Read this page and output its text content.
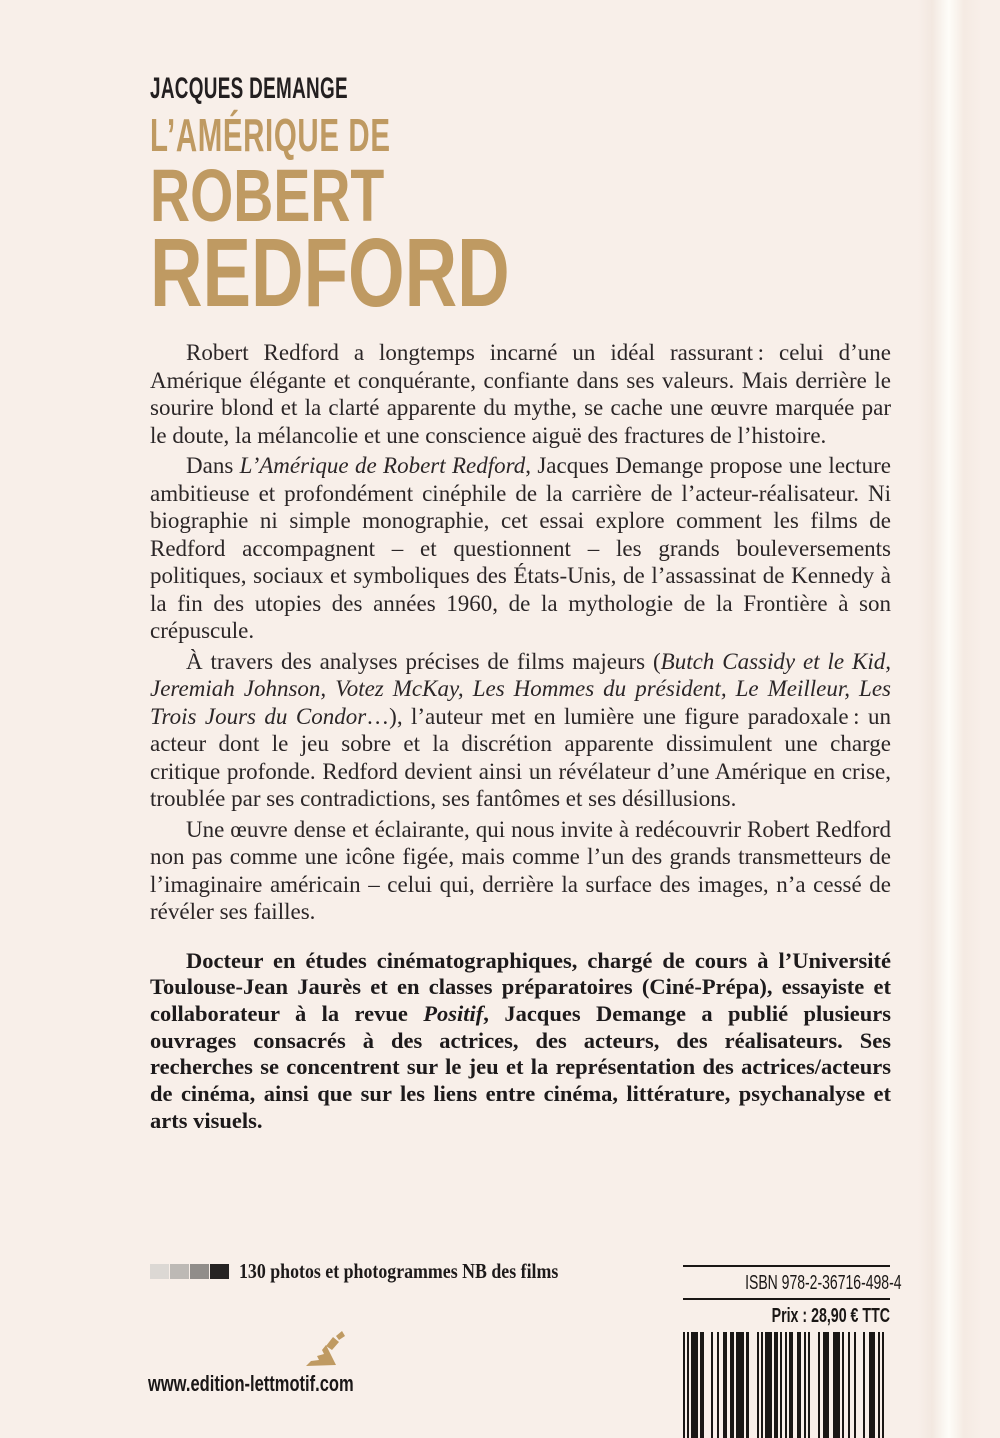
JACQUES DEMANGE
L’AMÉRIQUE DE
ROBERT
REDFORD

Robert Redford a longtemps incarné un idéal rassurant : celui d’une Amérique élégante et conquérante, confiante dans ses valeurs. Mais derrière le sourire blond et la clarté apparente du mythe, se cache une œuvre marquée par le doute, la mélancolie et une conscience aiguë des fractures de l’histoire.

Dans L’Amérique de Robert Redford, Jacques Demange propose une lecture ambitieuse et profondément cinéphile de la carrière de l’acteur-réalisateur. Ni biographie ni simple monographie, cet essai explore comment les films de Redford accompagnent – et questionnent – les grands bouleversements politiques, sociaux et symboliques des États-Unis, de l’assassinat de Kennedy à la fin des utopies des années 1960, de la mythologie de la Frontière à son crépuscule.

À travers des analyses précises de films majeurs (Butch Cassidy et le Kid, Jeremiah Johnson, Votez McKay, Les Hommes du président, Le Meilleur, Les Trois Jours du Condor…), l’auteur met en lumière une figure paradoxale : un acteur dont le jeu sobre et la discrétion apparente dissimulent une charge critique profonde. Redford devient ainsi un révélateur d’une Amérique en crise, troublée par ses contradictions, ses fantômes et ses désillusions.

Une œuvre dense et éclairante, qui nous invite à redécouvrir Robert Redford non pas comme une icône figée, mais comme l’un des grands transmetteurs de l’imaginaire américain – celui qui, derrière la surface des images, n’a cessé de révéler ses failles.

Docteur en études cinématographiques, chargé de cours à l’Université Toulouse-Jean Jaurès et en classes préparatoires (Ciné-Prépa), essayiste et collaborateur à la revue Positif, Jacques Demange a publié plusieurs ouvrages consacrés à des actrices, des acteurs, des réalisateurs. Ses recherches se concentrent sur le jeu et la représentation des actrices/acteurs de cinéma, ainsi que sur les liens entre cinéma, littérature, psychanalyse et arts visuels.

130 photos et photogrammes NB des films
www.edition-lettmotif.com
ISBN 978-2-36716-498-4
Prix : 28,90 € TTC
